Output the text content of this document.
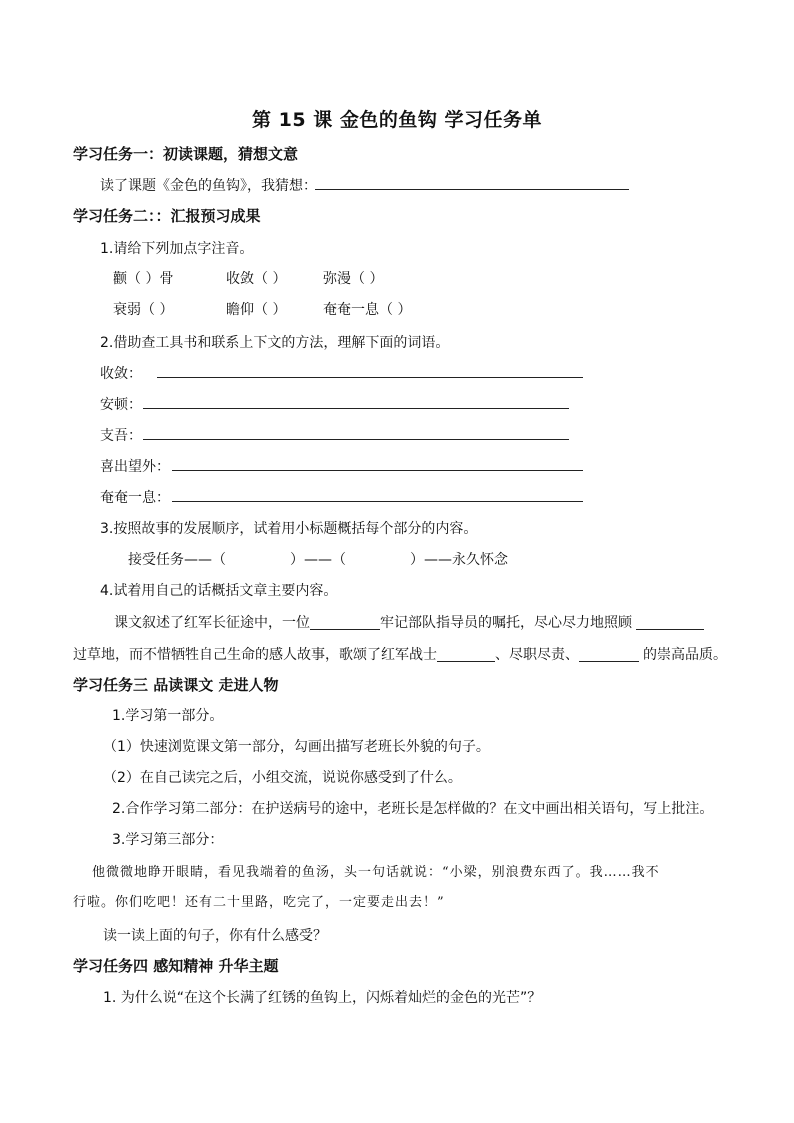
第 15 课 金色的鱼钩 学习任务单
学习任务一：初读课题，猜想文意
读了课题《金色的鱼钩》，我猜想：
学习任务二：：汇报预习成果
1.请给下列加点字注音。
颧（ ）骨	收敛（ ）	弥漫（ ）
衰弱（ ）	瞻仰（ ）	奄奄一息（ ）
2.借助查工具书和联系上下文的方法，理解下面的词语。
收敛：
安顿：
支吾：
喜出望外：
奄奄一息：
3.按照故事的发展顺序，试着用小标题概括每个部分的内容。
接受任务——（	）——（	）——永久怀念
4.试着用自己的话概括文章主要内容。
课文叙述了红军长征途中，一位	牢记部队指导员的嘱托，尽心尽力地照顾
过草地，而不惜牺牲自己生命的感人故事，歌颂了红军战士	、尽职尽责、	的崇高品质。
学习任务三 品读课文 走进人物
1.学习第一部分。
（1）快速浏览课文第一部分，勾画出描写老班长外貌的句子。
（2）在自己读完之后，小组交流，说说你感受到了什么。
2.合作学习第二部分：在护送病号的途中，老班长是怎样做的？在文中画出相关语句，写上批注。
3.学习第三部分：
他微微地睁开眼睛，看见我端着的鱼汤，头一句话就说：“小梁，别浪费东西了。我……我不
行啦。你们吃吧！还有二十里路，吃完了，一定要走出去！”
读一读上面的句子，你有什么感受？
学习任务四 感知精神 升华主题
1. 为什么说“在这个长满了红锈的鱼钩上，闪烁着灿烂的金色的光芒”？
